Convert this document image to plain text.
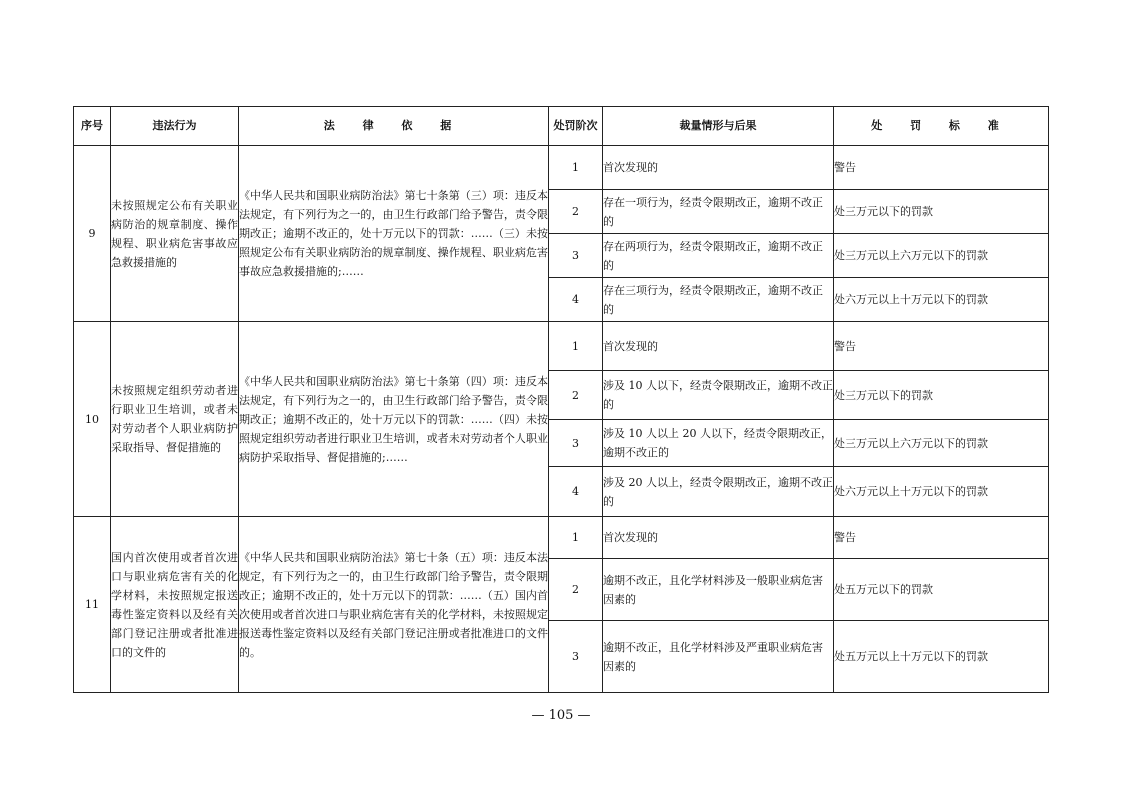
序号	违法行为	法 律 依 据	处罚阶次	裁量情形与后果	处 罚 标 准
9	未按照规定公布有关职业病防治的规章制度、操作规程、职业病危害事故应急救援措施的	《中华人民共和国职业病防治法》第七十条第（三）项：违反本法规定，有下列行为之一的，由卫生行政部门给予警告，责令限期改正；逾期不改正的，处十万元以下的罚款：……（三）未按照规定公布有关职业病防治的规章制度、操作规程、职业病危害事故应急救援措施的;……	1	首次发现的	警告
			2	存在一项行为，经责令限期改正，逾期不改正的	处三万元以下的罚款
			3	存在两项行为，经责令限期改正，逾期不改正的	处三万元以上六万元以下的罚款
			4	存在三项行为，经责令限期改正，逾期不改正的	处六万元以上十万元以下的罚款
10	未按照规定组织劳动者进行职业卫生培训，或者未对劳动者个人职业病防护采取指导、督促措施的	《中华人民共和国职业病防治法》第七十条第（四）项：违反本法规定，有下列行为之一的，由卫生行政部门给予警告，责令限期改正；逾期不改正的，处十万元以下的罚款：……（四）未按照规定组织劳动者进行职业卫生培训，或者未对劳动者个人职业病防护采取指导、督促措施的;……	1	首次发现的	警告
			2	涉及 10 人以下，经责令限期改正，逾期不改正的	处三万元以下的罚款
			3	涉及 10 人以上 20 人以下，经责令限期改正，逾期不改正的	处三万元以上六万元以下的罚款
			4	涉及 20 人以上，经责令限期改正，逾期不改正的	处六万元以上十万元以下的罚款
11	国内首次使用或者首次进口与职业病危害有关的化学材料，未按照规定报送毒性鉴定资料以及经有关部门登记注册或者批准进口的文件的	《中华人民共和国职业病防治法》第七十条（五）项：违反本法规定，有下列行为之一的，由卫生行政部门给予警告，责令限期改正；逾期不改正的，处十万元以下的罚款：……（五）国内首次使用或者首次进口与职业病危害有关的化学材料，未按照规定报送毒性鉴定资料以及经有关部门登记注册或者批准进口的文件的。	1	首次发现的	警告
			2	逾期不改正，且化学材料涉及一般职业病危害因素的	处五万元以下的罚款
			3	逾期不改正，且化学材料涉及严重职业病危害因素的	处五万元以上十万元以下的罚款
— 105 —
